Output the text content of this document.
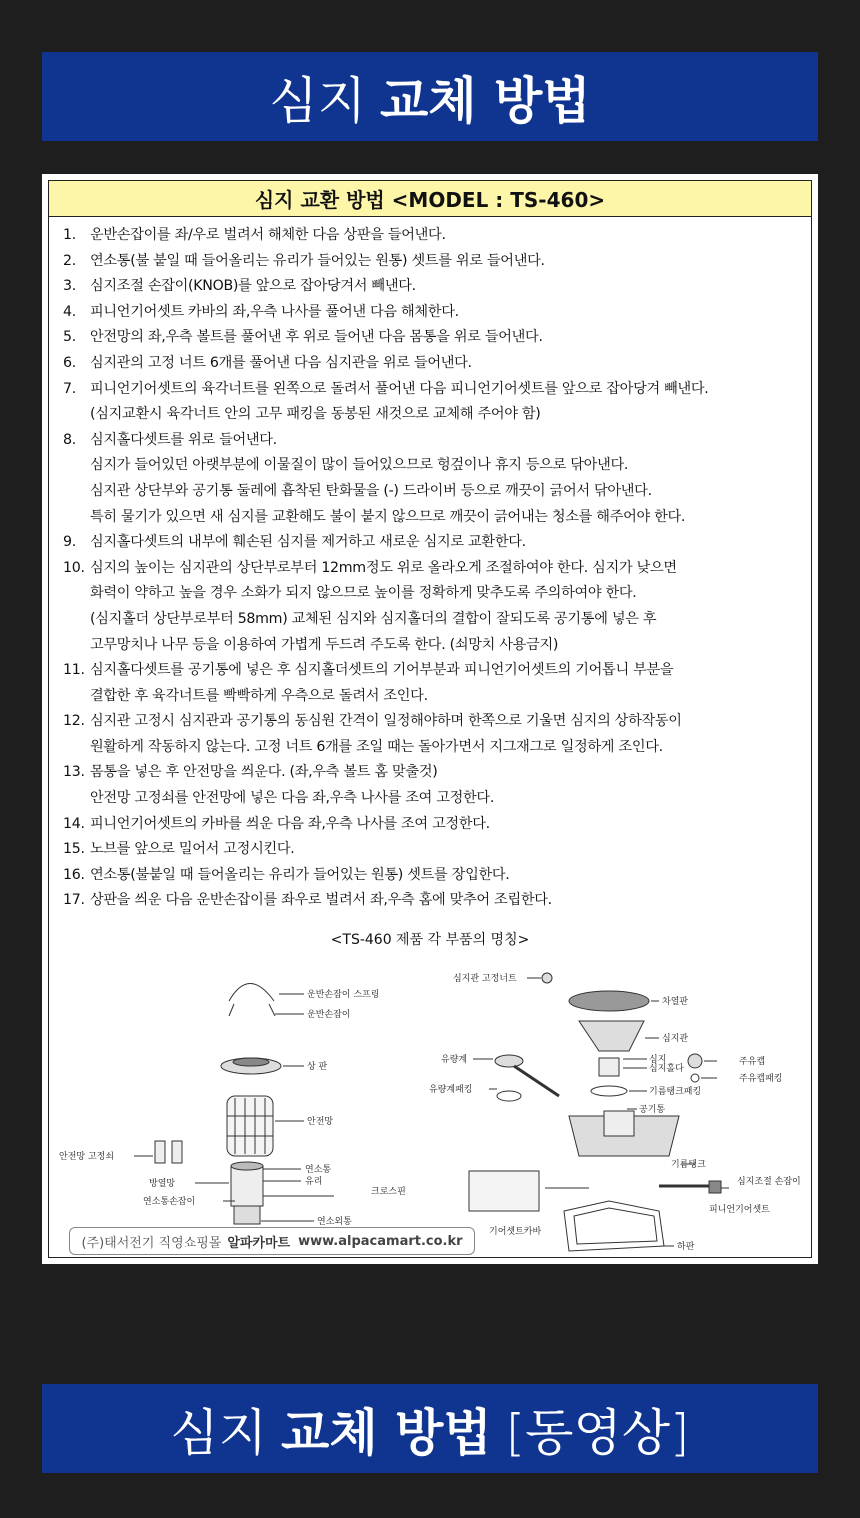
심지 교체 방법
심지 교환 방법 <MODEL : TS-460>
1. 운반손잡이를 좌/우로 벌려서 해체한 다음 상판을 들어낸다.
2. 연소통(불 붙일 때 들어올리는 유리가 들어있는 원통) 셋트를 위로 들어낸다.
3. 심지조절 손잡이(KNOB)를 앞으로 잡아당겨서 빼낸다.
4. 피니언기어셋트 카바의 좌,우측 나사를 풀어낸 다음 해체한다.
5. 안전망의 좌,우측 볼트를 풀어낸 후 위로 들어낸 다음 몸통을 위로 들어낸다.
6. 심지관의 고정 너트 6개를 풀어낸 다음 심지관을 위로 들어낸다.
7. 피니언기어셋트의 육각너트를 왼쪽으로 돌려서 풀어낸 다음 피니언기어셋트를 앞으로 잡아당겨 빼낸다.
(심지교환시 육각너트 안의 고무 패킹을 동봉된 새것으로 교체해 주어야 함)
8. 심지홀다셋트를 위로 들어낸다.
심지가 들어있던 아랫부분에 이물질이 많이 들어있으므로 헝겊이나 휴지 등으로 닦아낸다.
심지관 상단부와 공기통 둘레에 흡착된 탄화물을 (-) 드라이버 등으로 깨끗이 긁어서 닦아낸다.
특히 물기가 있으면 새 심지를 교환해도 불이 붙지 않으므로 깨끗이 긁어내는 청소를 해주어야 한다.
9. 심지홀다셋트의 내부에 훼손된 심지를 제거하고 새로운 심지로 교환한다.
10. 심지의 높이는 심지관의 상단부로부터 12mm정도 위로 올라오게 조절하여야 한다. 심지가 낮으면
화력이 약하고 높을 경우 소화가 되지 않으므로 높이를 정확하게 맞추도록 주의하여야 한다.
(심지홀더 상단부로부터 58mm) 교체된 심지와 심지홀더의 결합이 잘되도록 공기통에 넣은 후
고무망치나 나무 등을 이용하여 가볍게 두드려 주도록 한다. (쇠망치 사용금지)
11. 심지홀다셋트를 공기통에 넣은 후 심지홀더셋트의 기어부분과 피니언기어셋트의 기어톱니 부분을
결합한 후 육각너트를 빡빡하게 우측으로 돌려서 조인다.
12. 심지관 고정시 심지관과 공기통의 동심원 간격이 일정해야하며 한쪽으로 기울면 심지의 상하작동이
원활하게 작동하지 않는다. 고정 너트 6개를 조일 때는 돌아가면서 지그재그로 일정하게 조인다.
13. 몸통을 넣은 후 안전망을 씌운다. (좌,우측 볼트 홈 맞출것)
안전망 고정쇠를 안전망에 넣은 다음 좌,우측 나사를 조여 고정한다.
14. 피니언기어셋트의 카바를 씌운 다음 좌,우측 나사를 조여 고정한다.
15. 노브를 앞으로 밀어서 고정시킨다.
16. 연소통(불붙일 때 들어올리는 유리가 들어있는 원통) 셋트를 장입한다.
17. 상판을 씌운 다음 운반손잡이를 좌우로 벌려서 좌,우측 홈에 맞추어 조립한다.
<TS-460 제품 각 부품의 명칭>
운반손잡이 스프링
운반손잡이
상 판
안전망
안전망 고정쇠
방열망
연소통손잡이
연소통
유리
크로스핀
연소외통
심지관 고정너트
차열판
심지관
유량계
유량계패킹
심지
심지홀다
기름탱크패킹
공기통
주유캡
주유캡패킹
기름탱크
심지조절 손잡이
기어셋트카바
피니언기어셋트
하판
(주)태서전기 직영쇼핑몰 알파카마트 www.alpacamart.co.kr
심지 교체 방법 [동영상]
